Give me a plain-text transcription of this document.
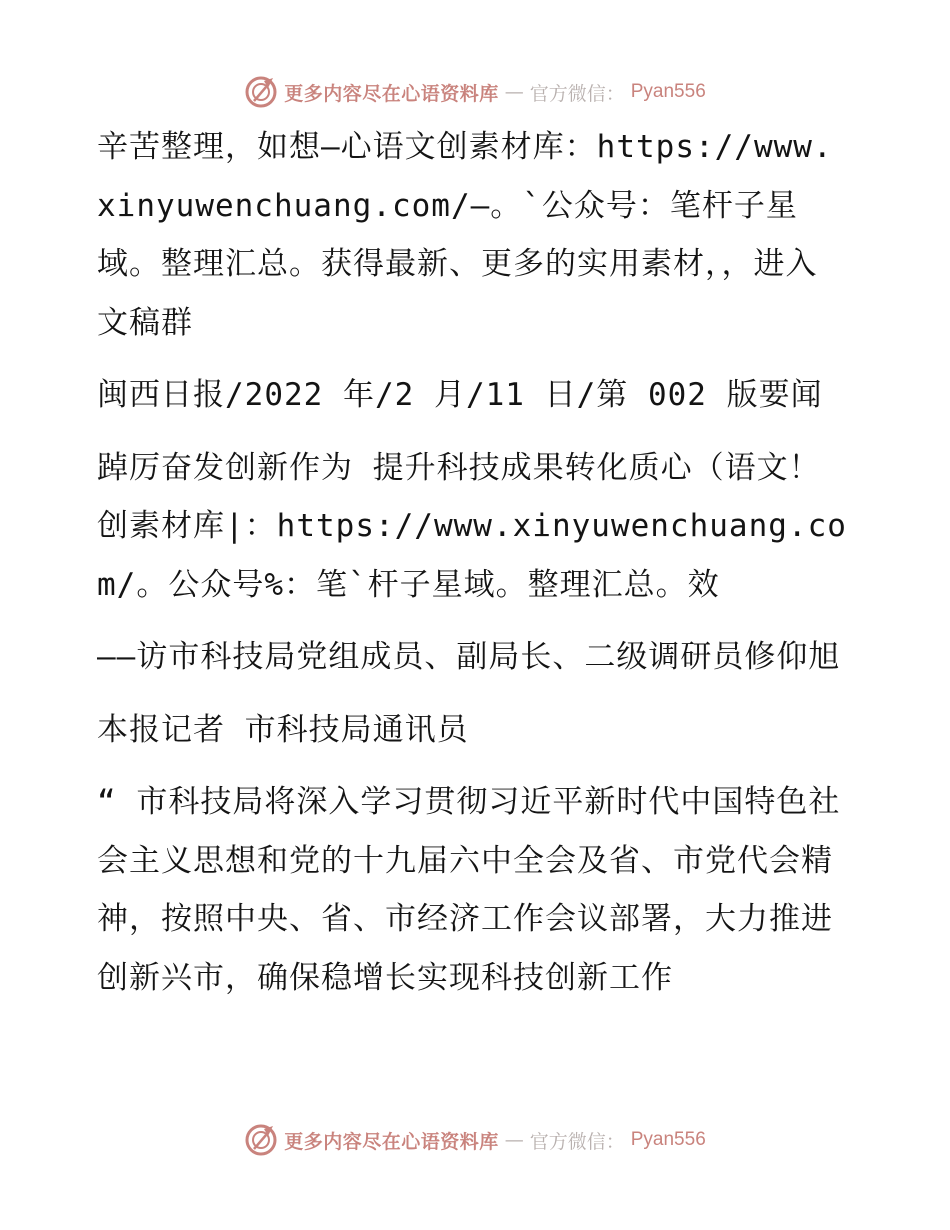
更多内容尽在心语资料库 — 官方微信： Pyan556

辛苦整理，如想—心语文创素材库：https://www.xinyuwenchuang.com/—。`公众号：笔杆子星域。整理汇总。获得最新、更多的实用素材，，进入文稿群

闽西日报/2022 年/2 月/11 日/第 002 版要闻

踔厉奋发创新作为 提升科技成果转化质心（语文！创素材库|：https://www.xinyuwenchuang.com/。公众号%：笔`杆子星域。整理汇总。效

——访市科技局党组成员、副局长、二级调研员修仰旭

本报记者 市科技局通讯员

“ 市科技局将深入学习贯彻习近平新时代中国特色社会主义思想和党的十九届六中全会及省、市党代会精神，按照中央、省、市经济工作会议部署，大力推进创新兴市，确保稳增长实现科技创新工作

更多内容尽在心语资料库 — 官方微信： Pyan556
